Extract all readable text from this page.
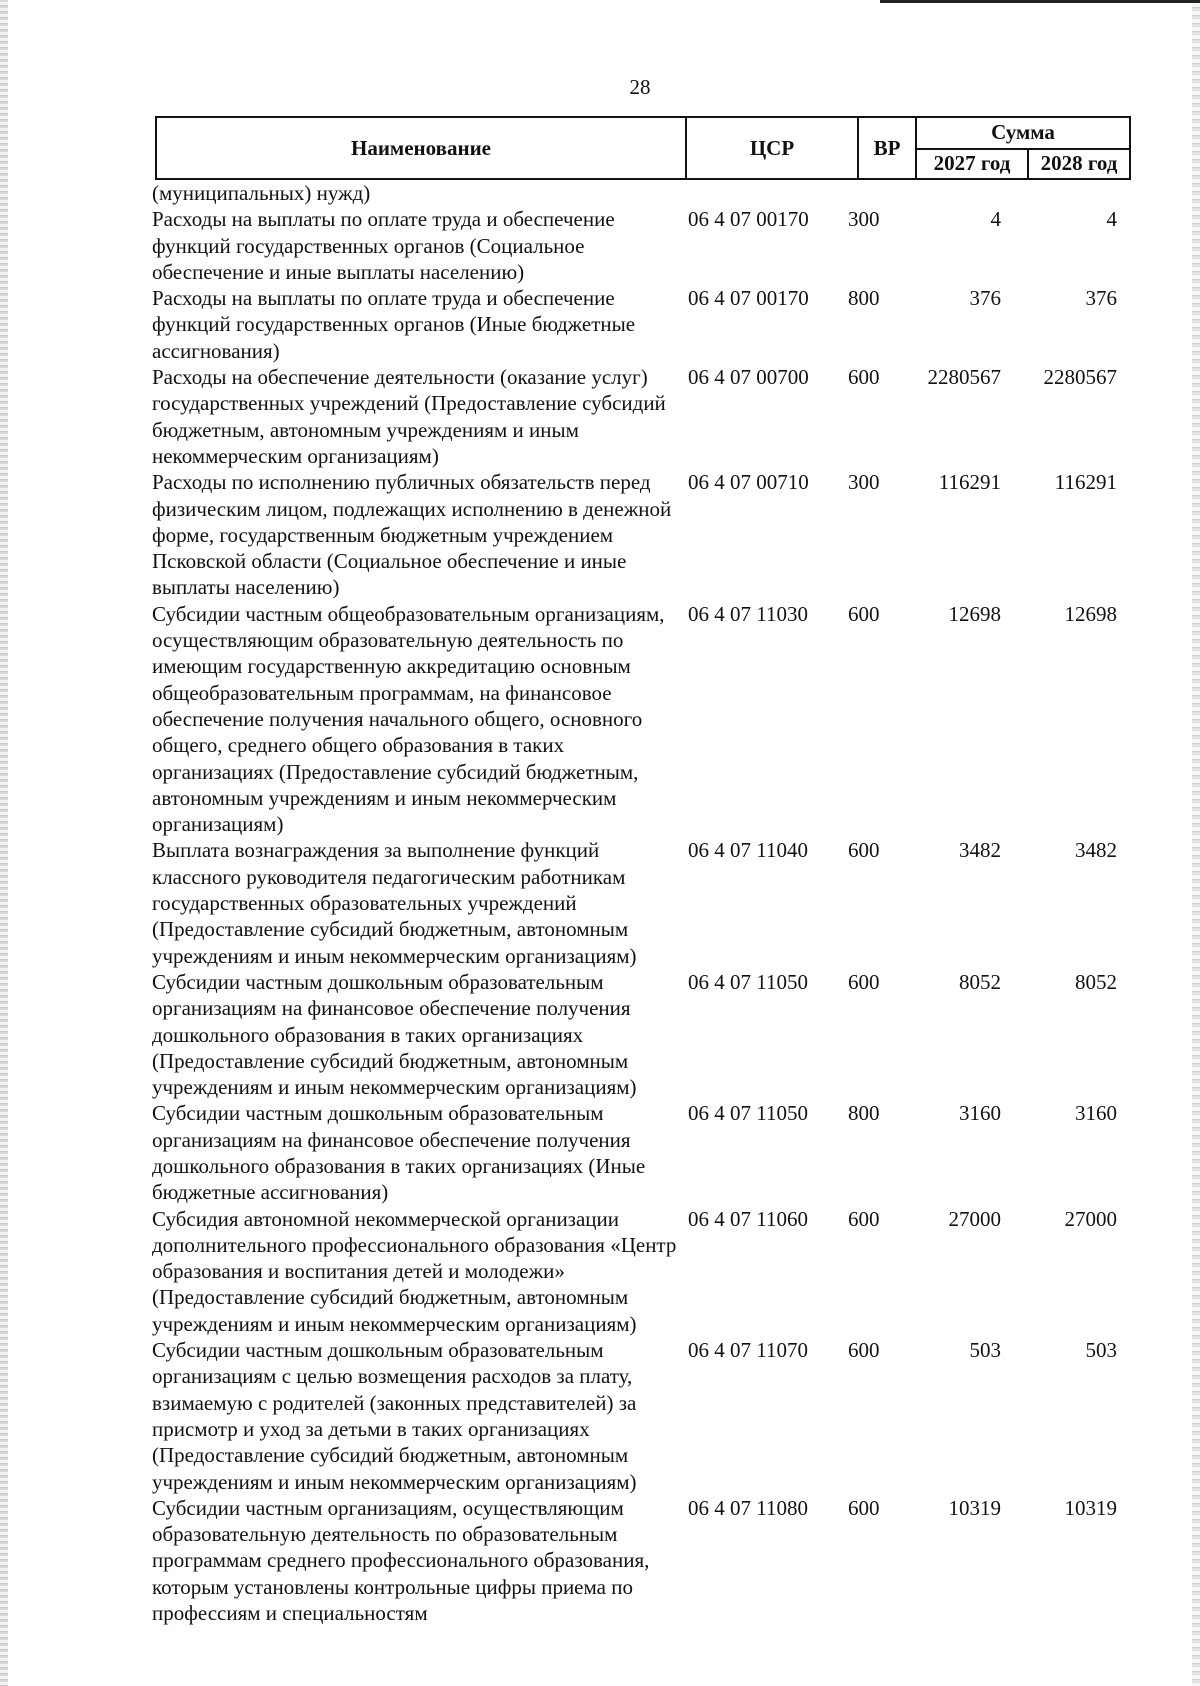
28
Наименование	ЦСР	ВР	Сумма	
			2027 год	2028 год
(муниципальных) нужд)
Расходы на выплаты по оплате труда и обеспечение функций государственных органов (Социальное обеспечение и иные выплаты населению)
06 4 07 00170 300	4	4
Расходы на выплаты по оплате труда и обеспечение функций государственных органов (Иные бюджетные ассигнования)
06 4 07 00170 800	376	376
Расходы на обеспечение деятельности (оказание услуг) государственных учреждений (Предоставление субсидий бюджетным, автономным учреждениям и иным некоммерческим организациям)
06 4 07 00700 600 2280567 2280567
Расходы по исполнению публичных обязательств перед физическим лицом, подлежащих исполнению в денежной форме, государственным бюджетным учреждением Псковской области (Социальное обеспечение и иные выплаты населению)
06 4 07 00710 300	116291	116291
Субсидии частным общеобразовательным организациям, осуществляющим образовательную деятельность по имеющим государственную аккредитацию основным общеобразовательным программам, на финансовое обеспечение получения начального общего, основного общего, среднего общего образования в таких организациях (Предоставление субсидий бюджетным, автономным учреждениям и иным некоммерческим организациям)
06 4 07 11030 600	12698	12698
Выплата вознаграждения за выполнение функций классного руководителя педагогическим работникам государственных образовательных учреждений (Предоставление субсидий бюджетным, автономным учреждениям и иным некоммерческим организациям)
06 4 07 11040 600	3482	3482
Субсидии частным дошкольным образовательным организациям на финансовое обеспечение получения дошкольного образования в таких организациях (Предоставление субсидий бюджетным, автономным учреждениям и иным некоммерческим организациям)
06 4 07 11050 600	8052	8052
Субсидии частным дошкольным образовательным организациям на финансовое обеспечение получения дошкольного образования в таких организациях (Иные бюджетные ассигнования)
06 4 07 11050 800	3160	3160
Субсидия автономной некоммерческой организации дополнительного профессионального образования «Центр образования и воспитания детей и молодежи» (Предоставление субсидий бюджетным, автономным учреждениям и иным некоммерческим организациям)
06 4 07 11060 600	27000	27000
Субсидии частным дошкольным образовательным организациям с целью возмещения расходов за плату, взимаемую с родителей (законных представителей) за присмотр и уход за детьми в таких организациях (Предоставление субсидий бюджетным, автономным учреждениям и иным некоммерческим организациям)
06 4 07 11070 600	503	503
Субсидии частным организациям, осуществляющим образовательную деятельность по образовательным программам среднего профессионального образования, которым установлены контрольные цифры приема по профессиям и специальностям
06 4 07 11080 600	10319	10319
